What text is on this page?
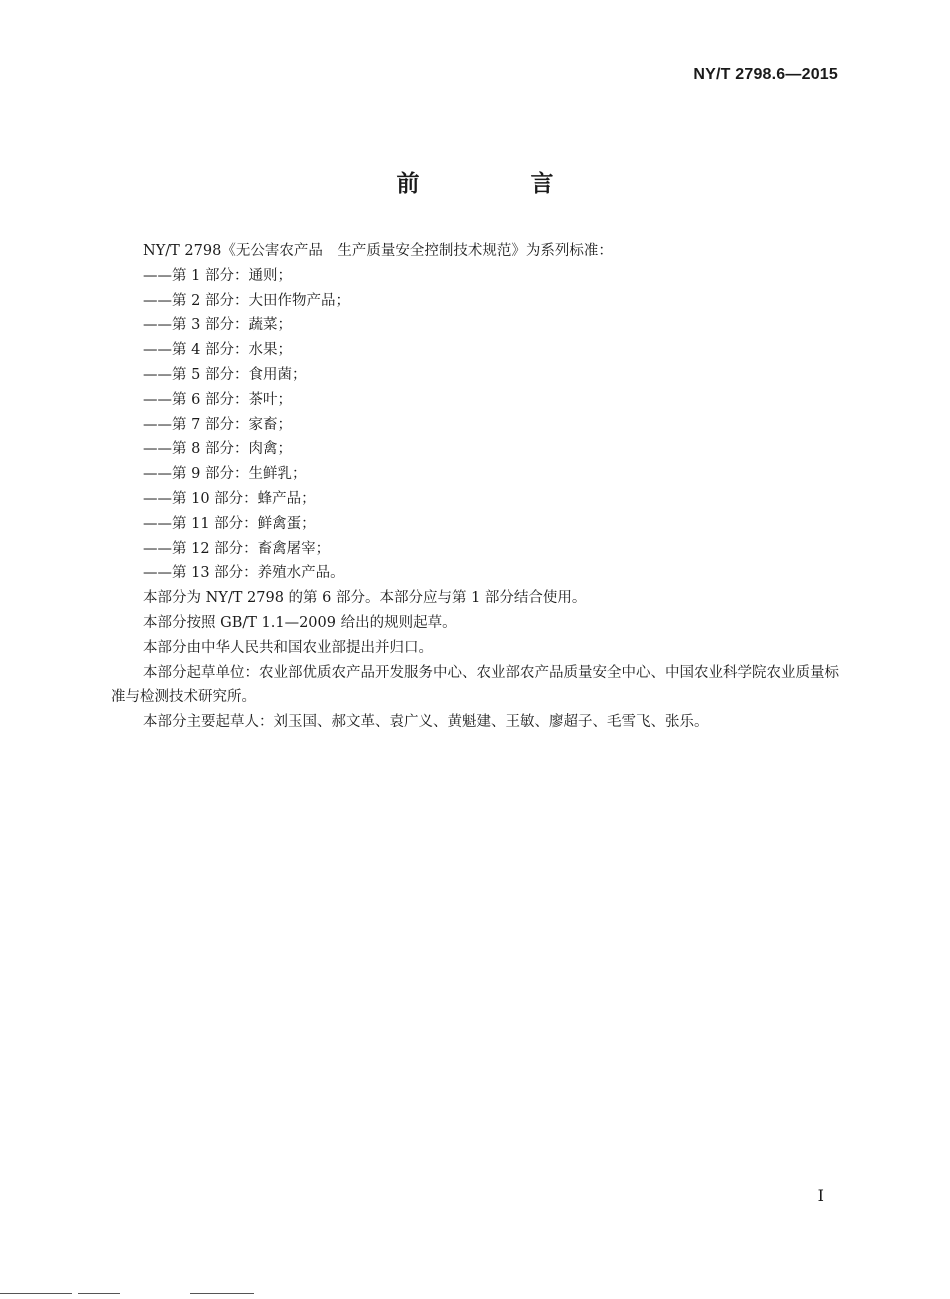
NY/T 2798.6—2015
前　言

NY/T 2798《无公害农产品　生产质量安全控制技术规范》为系列标准：

——第 1 部分：通则；

——第 2 部分：大田作物产品；

——第 3 部分：蔬菜；

——第 4 部分：水果；

——第 5 部分：食用菌；

——第 6 部分：茶叶；

——第 7 部分：家畜；

——第 8 部分：肉禽；

——第 9 部分：生鲜乳；

——第 10 部分：蜂产品；

——第 11 部分：鲜禽蛋；

——第 12 部分：畜禽屠宰；

——第 13 部分：养殖水产品。

本部分为 NY/T 2798 的第 6 部分。本部分应与第 1 部分结合使用。

本部分按照 GB/T 1.1—2009 给出的规则起草。

本部分由中华人民共和国农业部提出并归口。

本部分起草单位：农业部优质农产品开发服务中心、农业部农产品质量安全中心、中国农业科学院农业质量标准与检测技术研究所。

本部分主要起草人：刘玉国、郝文革、袁广义、黄魁建、王敏、廖超子、毛雪飞、张乐。

I
